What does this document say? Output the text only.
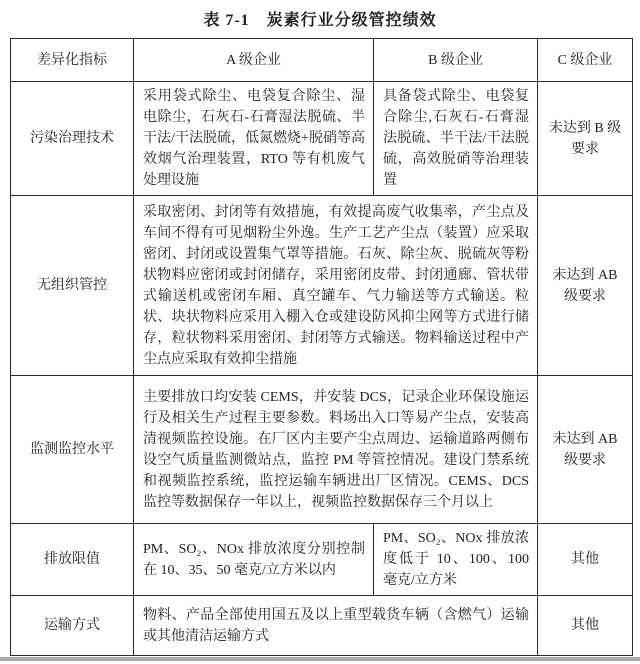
表 7-1　炭素行业分级管控绩效
差异化指标	A 级企业	B 级企业	C 级企业
污染治理技术	采用袋式除尘、电袋复合除尘、湿电除尘，石灰石-石膏湿法脱硫、半干法/干法脱硫，低氮燃烧+脱硝等高效烟气治理装置，RTO 等有机废气处理设施	具备袋式除尘、电袋复合除尘,石灰石-石膏湿法脱硫、半干法/干法脱硫，高效脱硝等治理装置	未达到 B 级要求
无组织管控	采取密闭、封闭等有效措施，有效提高废气收集率，产尘点及车间不得有可见烟粉尘外逸。生产工艺产尘点（装置）应采取密闭、封闭或设置集气罩等措施。石灰、除尘灰、脱硫灰等粉状物料应密闭或封闭储存，采用密闭皮带、封闭通廊、管状带式输送机或密闭车厢、真空罐车、气力输送等方式输送。粒状、块状物料应采用入棚入仓或建设防风抑尘网等方式进行储存，粒状物料采用密闭、封闭等方式输送。物料输送过程中产尘点应采取有效抑尘措施		未达到 AB 级要求
监测监控水平	主要排放口均安装 CEMS，并安装 DCS，记录企业环保设施运行及相关生产过程主要参数。料场出入口等易产尘点，安装高清视频监控设施。在厂区内主要产尘点周边、运输道路两侧布设空气质量监测微站点，监控 PM 等管控情况。建设门禁系统和视频监控系统，监控运输车辆进出厂区情况。CEMS、DCS 监控等数据保存一年以上，视频监控数据保存三个月以上		未达到 AB 级要求
排放限值	PM、SO₂、NOx 排放浓度分别控制在 10、35、50 毫克/立方米以内	PM、SO₂、NOx 排放浓度低于 10、100、100 毫克/立方米	其他
运输方式	物料、产品全部使用国五及以上重型载货车辆（含燃气）运输或其他清洁运输方式		其他
